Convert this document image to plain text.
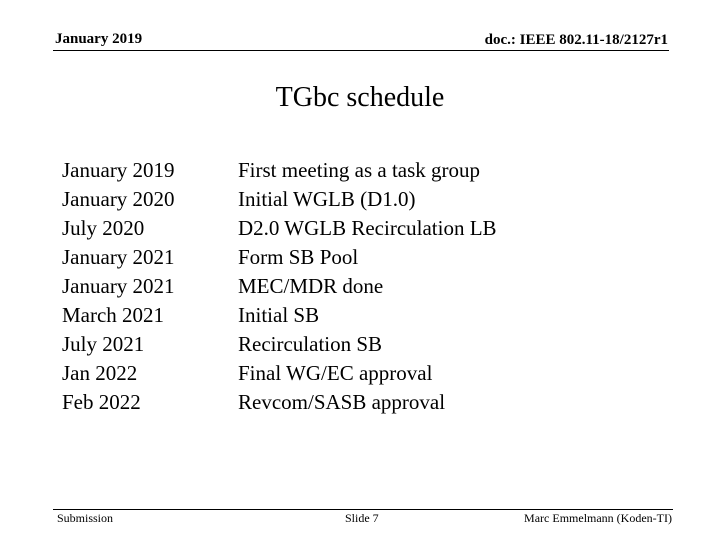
January 2019	doc.: IEEE 802.11-18/2127r1
TGbc schedule
January 2019	First meeting as a task group
January 2020	Initial WGLB (D1.0)
July 2020	D2.0 WGLB Recirculation LB
January 2021	Form SB Pool
January 2021	MEC/MDR done
March 2021	Initial SB
July 2021	Recirculation SB
Jan 2022	Final WG/EC approval
Feb 2022	Revcom/SASB approval
Submission	Slide 7	Marc Emmelmann (Koden-TI)
